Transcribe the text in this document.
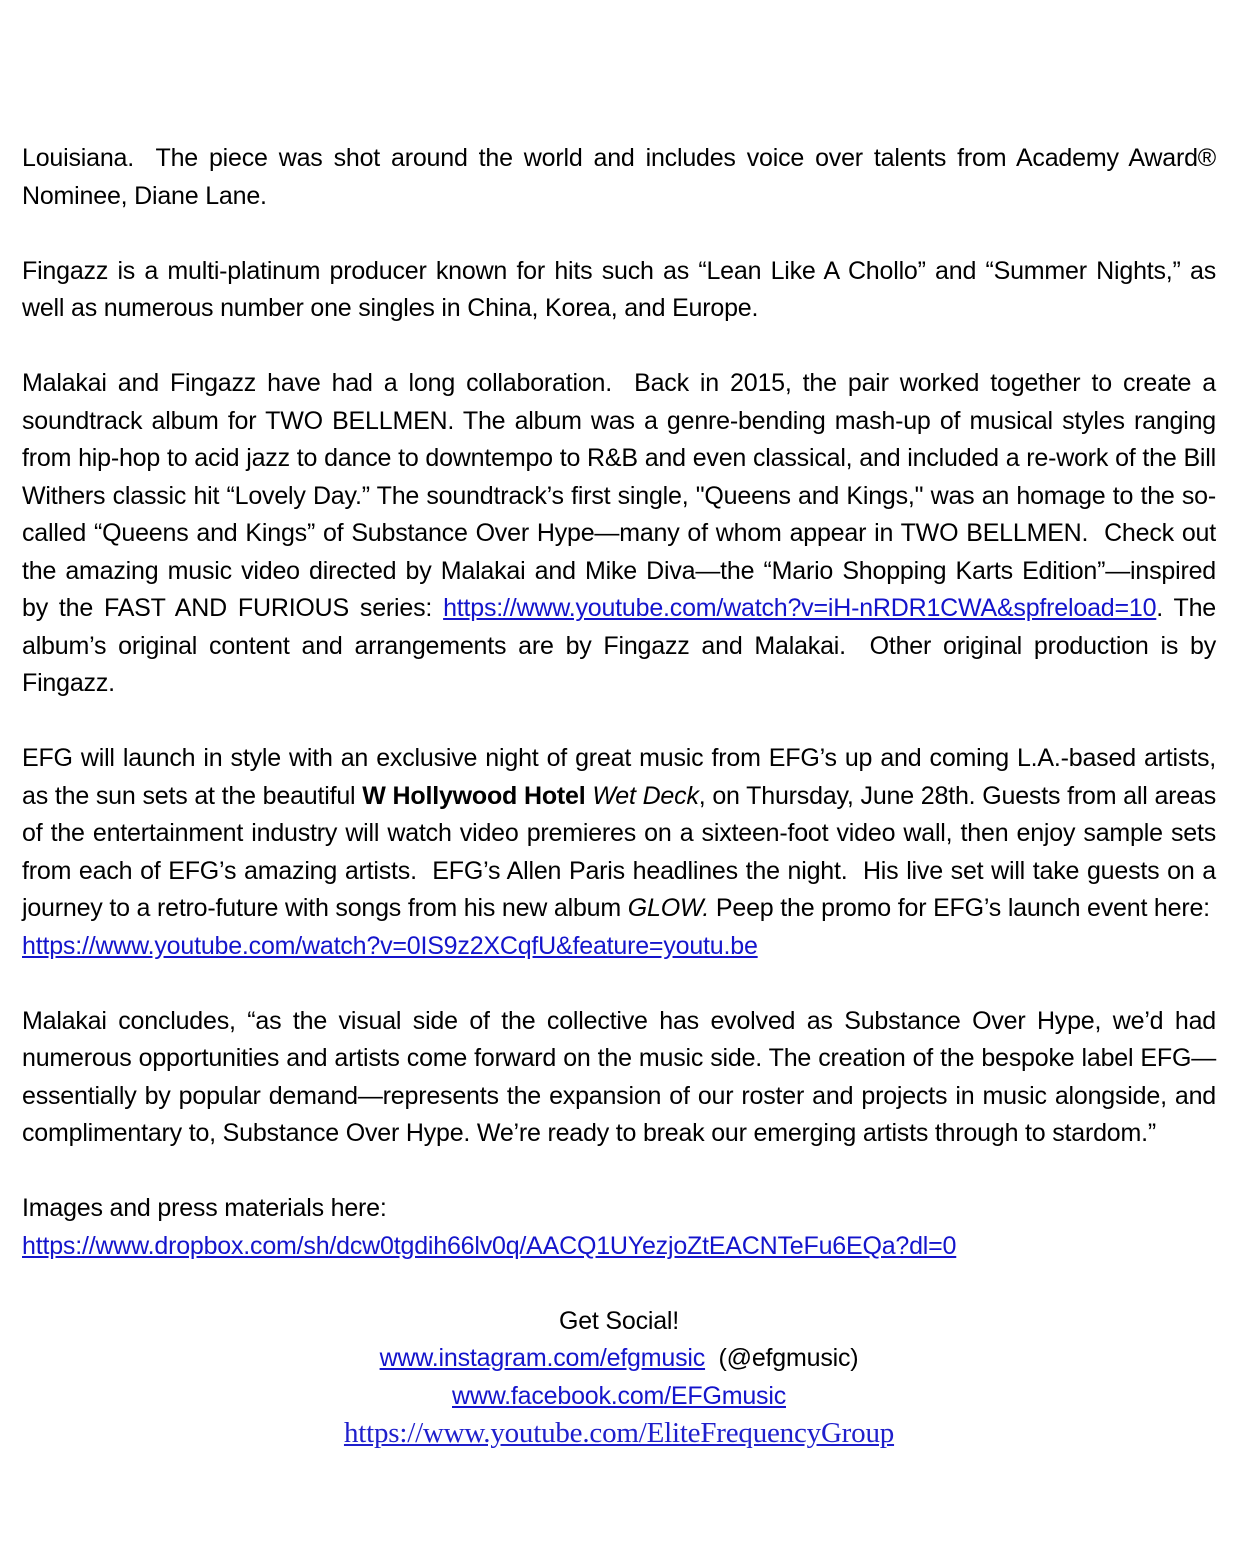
Louisiana.  The piece was shot around the world and includes voice over talents from Academy Award® Nominee, Diane Lane.

Fingazz is a multi-platinum producer known for hits such as “Lean Like A Chollo” and “Summer Nights,” as well as numerous number one singles in China, Korea, and Europe.

Malakai and Fingazz have had a long collaboration.  Back in 2015, the pair worked together to create a soundtrack album for TWO BELLMEN. The album was a genre-bending mash-up of musical styles ranging from hip-hop to acid jazz to dance to downtempo to R&B and even classical, and included a re-work of the Bill Withers classic hit “Lovely Day.” The soundtrack’s first single, "Queens and Kings," was an homage to the so-called “Queens and Kings” of Substance Over Hype—many of whom appear in TWO BELLMEN.  Check out the amazing music video directed by Malakai and Mike Diva—the “Mario Shopping Karts Edition”—inspired by the FAST AND FURIOUS series: https://www.youtube.com/watch?v=iH-nRDR1CWA&spfreload=10. The album’s original content and arrangements are by Fingazz and Malakai.  Other original production is by Fingazz.

EFG will launch in style with an exclusive night of great music from EFG’s up and coming L.A.-based artists, as the sun sets at the beautiful W Hollywood Hotel Wet Deck, on Thursday, June 28th. Guests from all areas of the entertainment industry will watch video premieres on a sixteen-foot video wall, then enjoy sample sets from each of EFG’s amazing artists.  EFG’s Allen Paris headlines the night.  His live set will take guests on a journey to a retro-future with songs from his new album GLOW. Peep the promo for EFG’s launch event here:
https://www.youtube.com/watch?v=0IS9z2XCqfU&feature=youtu.be

Malakai concludes, “as the visual side of the collective has evolved as Substance Over Hype, we’d had numerous opportunities and artists come forward on the music side. The creation of the bespoke label EFG—essentially by popular demand—represents the expansion of our roster and projects in music alongside, and complimentary to, Substance Over Hype. We’re ready to break our emerging artists through to stardom.”

Images and press materials here:
https://www.dropbox.com/sh/dcw0tgdih66lv0q/AACQ1UYezjoZtEACNTeFu6EQa?dl=0

Get Social!

www.instagram.com/efgmusic  (@efgmusic)

www.facebook.com/EFGmusic

https://www.youtube.com/EliteFrequencyGroup
